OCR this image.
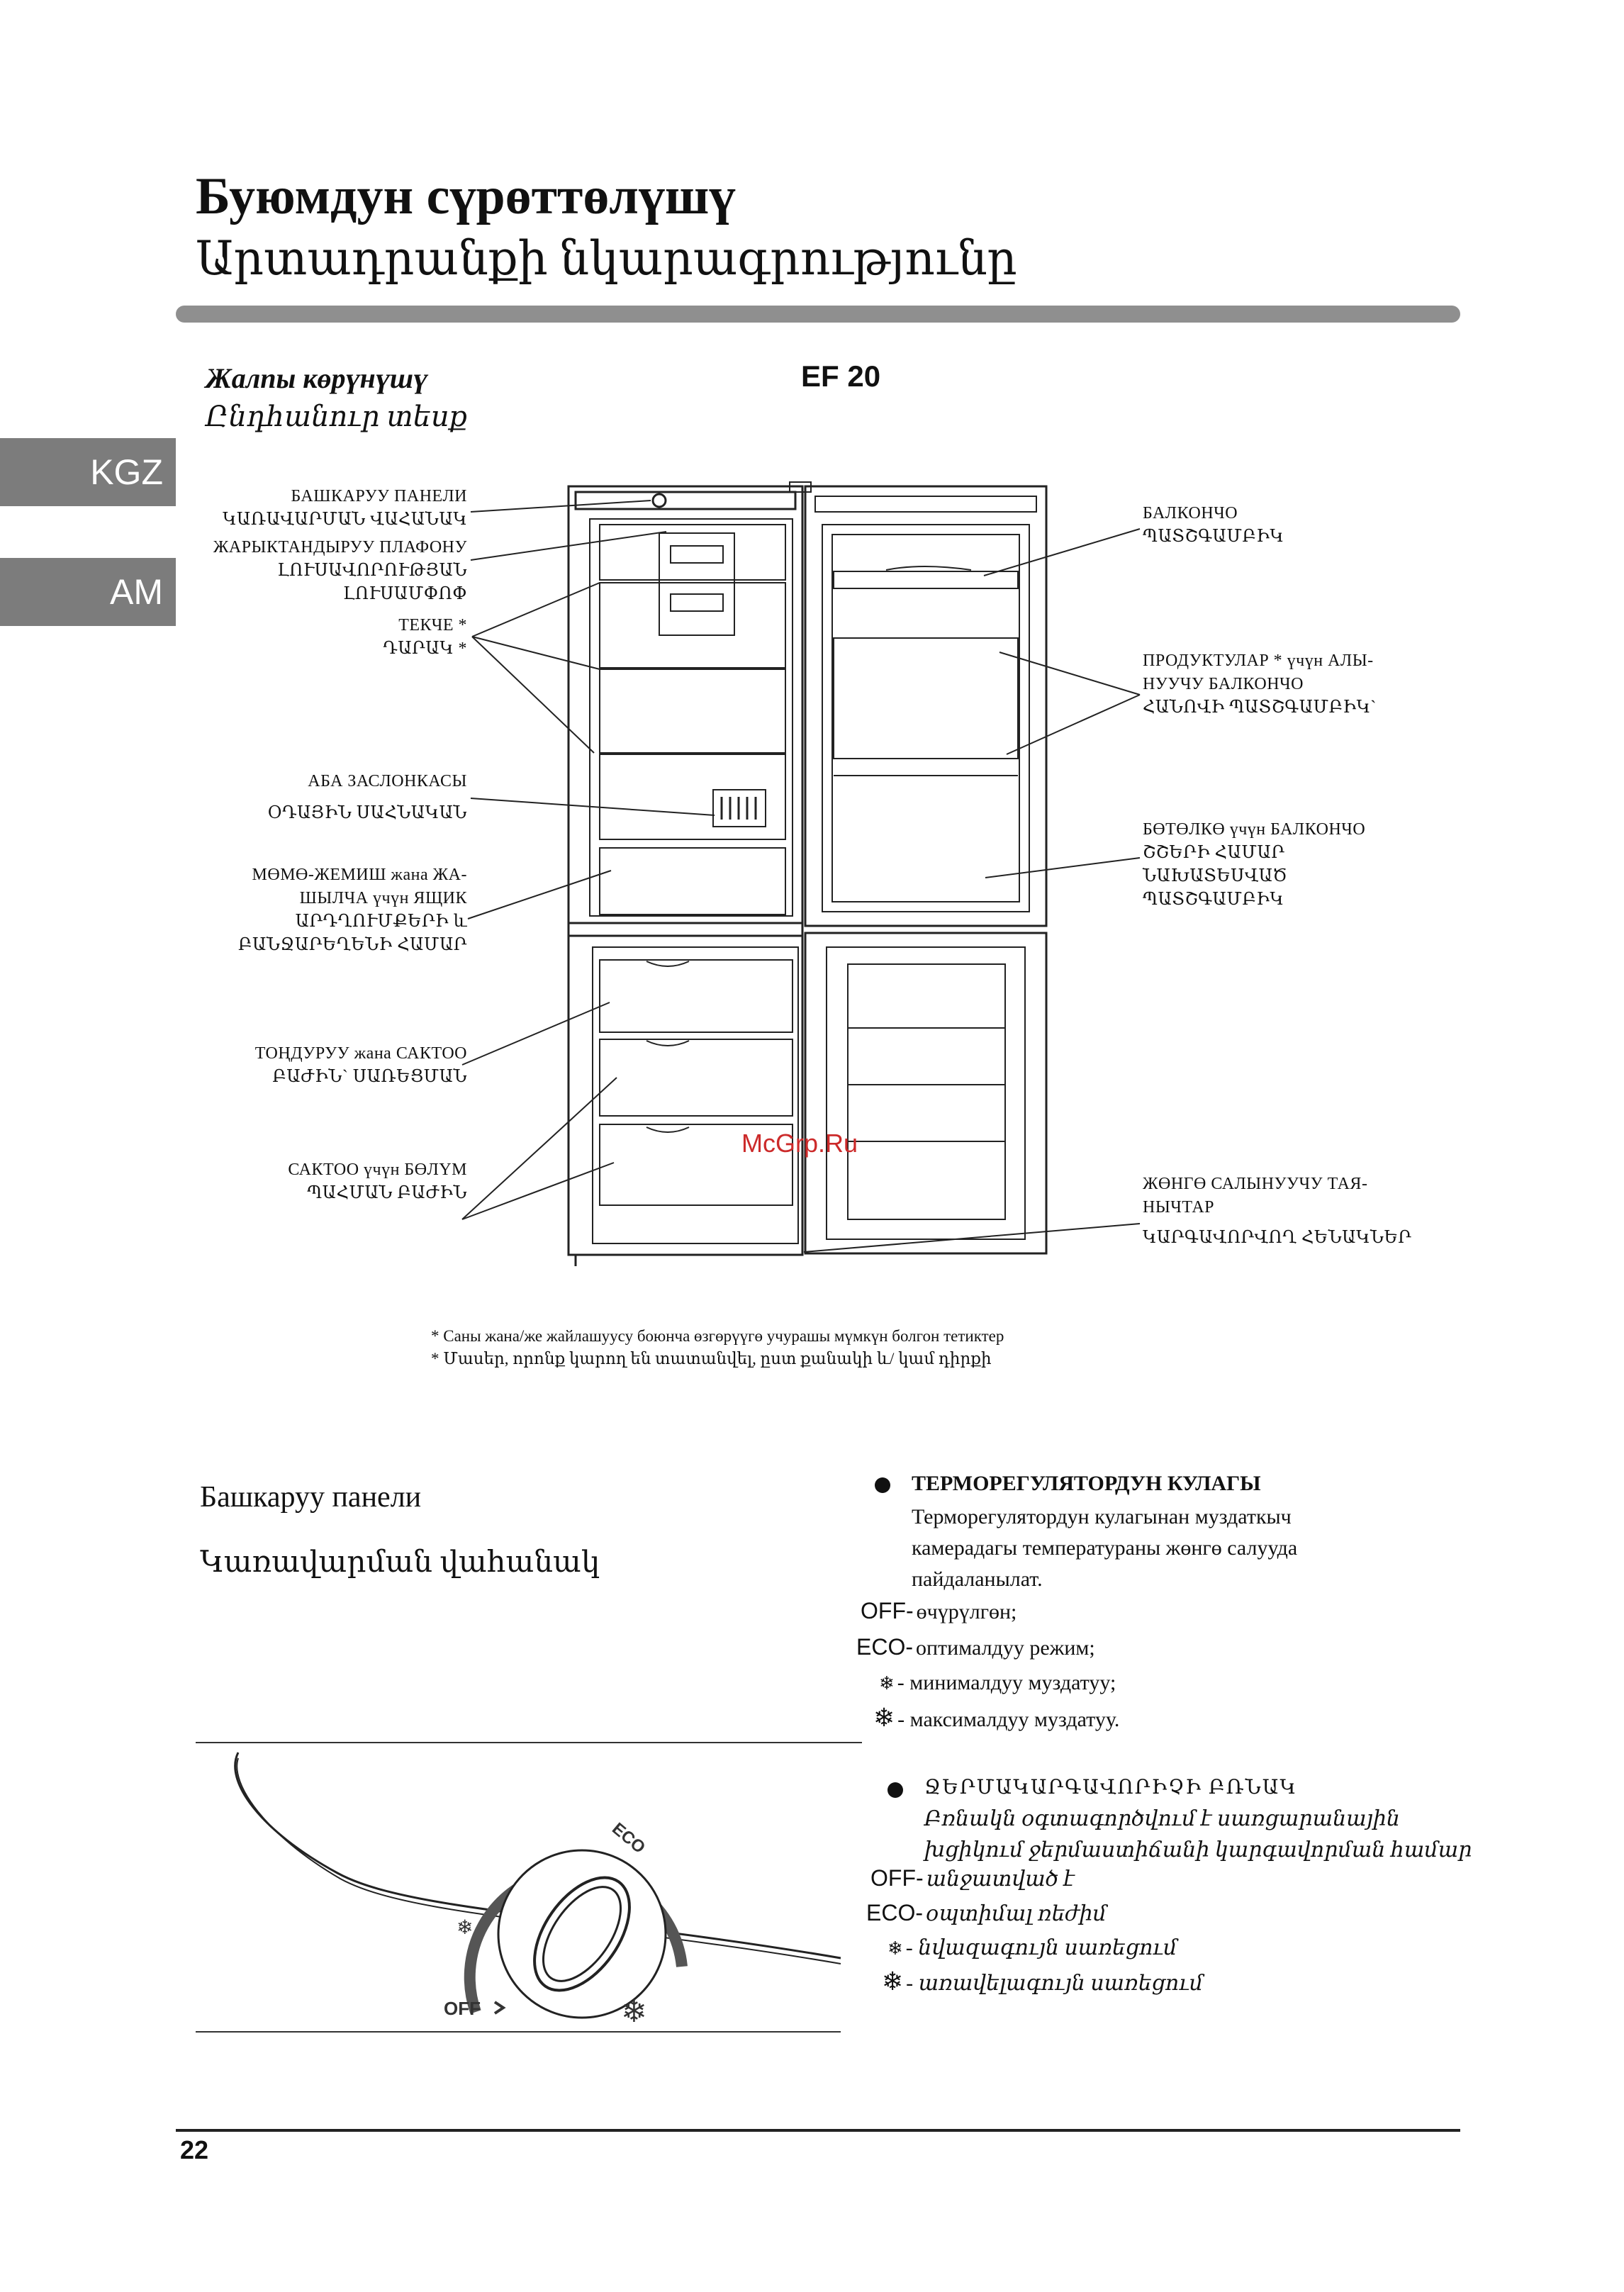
Буюмдун сүрөттөлүшү
Արտադրանքի նկարագրությունը
KGZ
AM
Жалпы көрүнүшү
Ընդհանուր տեսք
EF 20
БАШКАРУУ ПАНЕЛИ
ԿԱՌԱՎԱՐՄԱՆ ՎԱՀԱՆԱԿ
ЖАРЫКТАНДЫРУУ ПЛАФОНУ
ԼՈՒՍԱՎՈՐՈՒԹՅԱՆ
ԼՈՒՍԱՄՓՈՓ
ТЕКЧЕ *
ԴԱՐԱԿ *
АБА ЗАСЛОНКАСЫ
ՕԴԱՅԻՆ ՍԱՀՆԱԿԱՆ
МӨМӨ-ЖЕМИШ жана ЖА-
ШЫЛЧА үчүн ЯЩИК
ԱՐԴՂՈՒՄՔԵՐԻ և
ԲԱՆՋԱՐԵՂԵՆԻ ՀԱՄԱՐ
ТОҢДУРУУ жана САКТОО
ԲԱԺԻՆ` ՍԱՌԵՑՄԱՆ
САКТОО үчүн БӨЛҮМ
ՊԱՀՄԱՆ ԲԱԺԻՆ
БАЛКОНЧО
ՊԱՏՇԳԱՄԲԻԿ
ПРОДУКТУЛАР * үчүн АЛЫ-
НУУЧУ БАЛКОНЧО
ՀԱՆՈՎԻ ՊԱՏՇԳԱՄԲԻԿ`
БӨТӨЛКӨ үчүн БАЛКОНЧО
ՇՇԵՐԻ ՀԱՄԱՐ
ՆԱԽԱՏԵՍՎԱԾ
ՊԱՏՇԳԱՄԲԻԿ
ЖӨНГӨ САЛЫНУУЧУ ТАЯ-
НЫЧТАР
ԿԱՐԳԱՎՈՐՎՈՂ ՀԵՆԱԿՆԵՐ
McGrp.Ru
* Саны жана/же жайлашуусу боюнча өзгөрүүгө учурашы мүмкүн болгон тетиктер
* Մասեր, որոնք կարող են տատանվել, ըստ քանակի և/ կամ դիրքի
Башкаруу панели
Կառավարման վահանակ
ECO
OFF
❄
❄
ТЕРМОРЕГУЛЯТОРДУН КУЛАГЫ
Терморегулятордун кулагынан муздаткыч
камерадагы температураны жөнгө салууда
пайдаланылат.
OFF- өчүрүлгөн;
ECO- оптималдуу режим;
❄ - минималдуу муздатуу;
❄ - максималдуу муздатуу.
ՋԵՐՄԱԿԱՐԳԱՎՈՐԻՉԻ ԲՌՆԱԿ
Բռնակն օգտագործվում է սառցարանային
խցիկում ջերմաստիճանի կարգավորման համար
OFF- անջատված է
ECO- օպտիմալ ռեժիմ
❄ - նվազագույն սառեցում
❄ - առավելագույն սառեցում
22
